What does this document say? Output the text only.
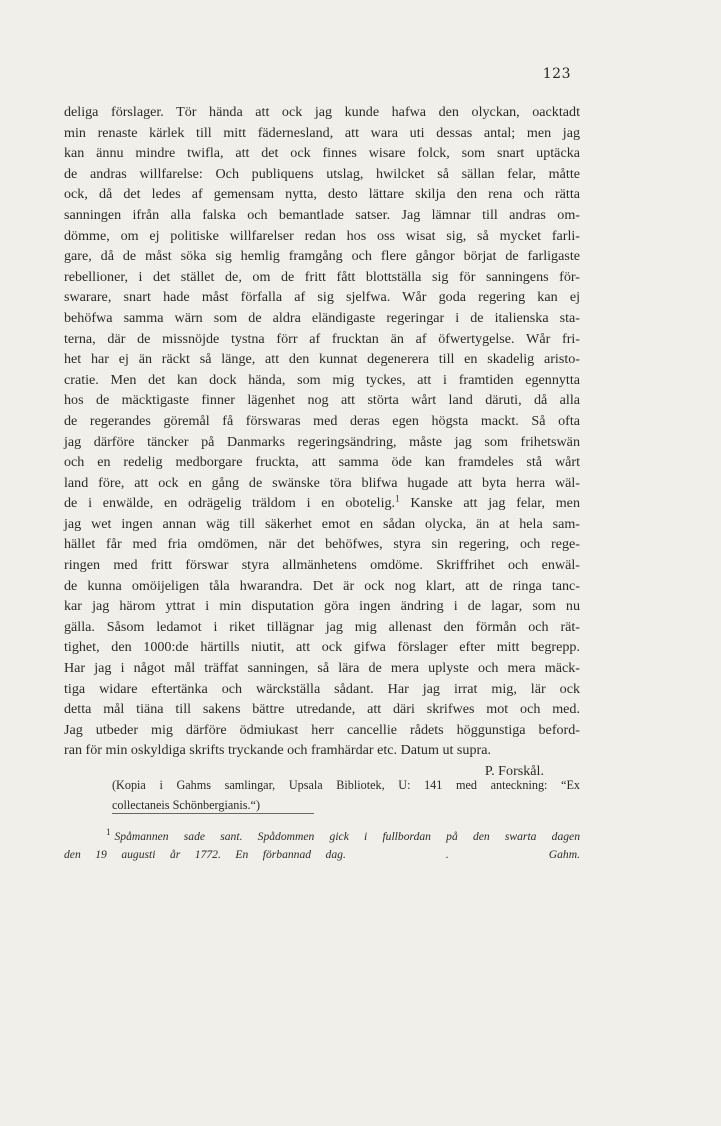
123
deliga förslager. Tör hända att ock jag kunde hafwa den olyckan, oacktadt
min renaste kärlek till mitt fädernesland, att wara uti dessas antal; men jag
kan ännu mindre twifla, att det ock finnes wisare folck, som snart uptäcka
de andras willfarelse: Och publiquens utslag, hwilcket så sällan felar, måtte
ock, då det ledes af gemensam nytta, desto lättare skilja den rena och rätta
sanningen ifrån alla falska och bemantlade satser. Jag lämnar till andras om-
dömme, om ej politiske willfarelser redan hos oss wisat sig, så mycket farli-
gare, då de måst söka sig hemlig framgång och flere gångor börjat de farligaste
rebellioner, i det stället de, om de fritt fått blottställa sig för sanningens för-
swarare, snart hade måst förfalla af sig sjelfwa. Wår goda regering kan ej
behöfwa samma wärn som de aldra eländigaste regeringar i de italienska sta-
terna, där de missnöjde tystna förr af frucktan än af öfwertygelse. Wår fri-
het har ej än räckt så länge, att den kunnat degenerera till en skadelig aristo-
cratie. Men det kan dock hända, som mig tyckes, att i framtiden egennytta
hos de mäcktigaste finner lägenhet nog att störta wårt land däruti, då alla
de regerandes göremål få förswaras med deras egen högsta mackt. Så ofta
jag därföre täncker på Danmarks regeringsändring, måste jag som frihetswän
och en redelig medborgare fruckta, att samma öde kan framdeles stå wårt
land före, att ock en gång de swänske töra blifwa hugade att byta herra wäl-
de i enwälde, en odrägelig träldom i en obotelig.$^1$ Kanske att jag felar, men
jag wet ingen annan wäg till säkerhet emot en sådan olycka, än at hela sam-
hället får med fria omdömen, när det behöfwes, styra sin regering, och rege-
ringen med fritt förswar styra allmänhetens omdöme. Skriffrihet och enwäl-
de kunna omöijeligen tåla hwarandra. Det är ock nog klart, att de ringa tanc-
kar jag härom yttrat i min disputation göra ingen ändring i de lagar, som nu
gälla. Såsom ledamot i riket tillägnar jag mig allenast den förmån och rät-
tighet, den 1000:de härtills niutit, att ock gifwa förslager efter mitt begrepp.
Har jag i något mål träffat sanningen, så lära de mera uplyste och mera mäck-
tiga widare eftertänka och wärckställa sådant. Har jag irrat mig, lär ock
detta mål tiäna till sakens bättre utredande, att däri skrifwes mot och med.
Jag utbeder mig därföre ödmiukast herr cancellie rådets höggunstiga beford-
ran för min oskyldiga skrifts tryckande och framhärdar etc. Datum ut supra.
P. Forskål.
(Kopia i Gahms samlingar, Upsala Bibliotek, U: 141 med anteckning: “Ex
collectaneis Schönbergianis.“)
$^1$ Spåmannen sade sant. Spådommen gick i fullbordan på den swarta dagen
den 19 augusti år 1772. En förbannad dag.	.	Gahm.
